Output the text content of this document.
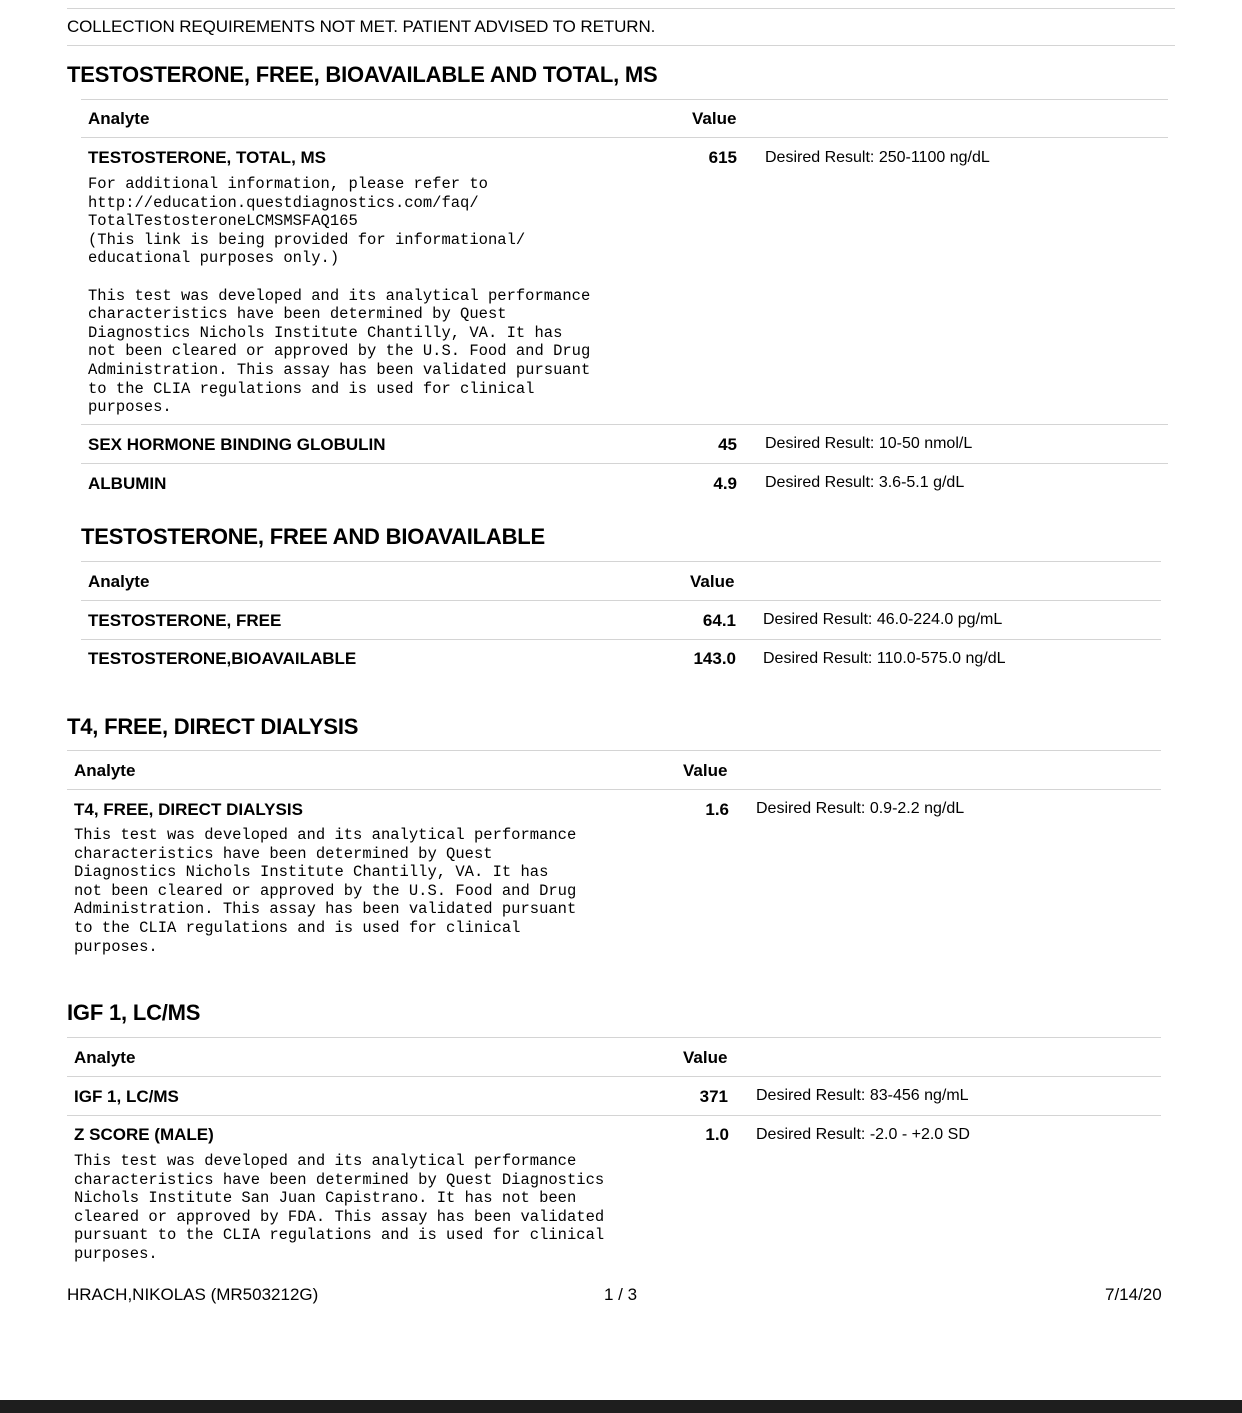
COLLECTION REQUIREMENTS NOT MET. PATIENT ADVISED TO RETURN.
TESTOSTERONE, FREE, BIOAVAILABLE AND TOTAL, MS
Analyte	Value
TESTOSTERONE, TOTAL, MS	615 Desired Result: 250-1100 ng/dL
For additional information, please refer to
http://education.questdiagnostics.com/faq/
TotalTestosteroneLCMSMSFAQ165
(This link is being provided for informational/
educational purposes only.)

This test was developed and its analytical performance
characteristics have been determined by Quest
Diagnostics Nichols Institute Chantilly, VA. It has
not been cleared or approved by the U.S. Food and Drug
Administration. This assay has been validated pursuant
to the CLIA regulations and is used for clinical
purposes.
SEX HORMONE BINDING GLOBULIN	45 Desired Result: 10-50 nmol/L
ALBUMIN	4.9 Desired Result: 3.6-5.1 g/dL
TESTOSTERONE, FREE AND BIOAVAILABLE
Analyte	Value
TESTOSTERONE, FREE	64.1 Desired Result: 46.0-224.0 pg/mL
TESTOSTERONE,BIOAVAILABLE	143.0 Desired Result: 110.0-575.0 ng/dL
T4, FREE, DIRECT DIALYSIS
Analyte	Value
T4, FREE, DIRECT DIALYSIS	1.6 Desired Result: 0.9-2.2 ng/dL
This test was developed and its analytical performance
characteristics have been determined by Quest
Diagnostics Nichols Institute Chantilly, VA. It has
not been cleared or approved by the U.S. Food and Drug
Administration. This assay has been validated pursuant
to the CLIA regulations and is used for clinical
purposes.
IGF 1, LC/MS
Analyte	Value
IGF 1, LC/MS	371 Desired Result: 83-456 ng/mL
Z SCORE (MALE)	1.0 Desired Result: -2.0 - +2.0 SD
This test was developed and its analytical performance
characteristics have been determined by Quest Diagnostics
Nichols Institute San Juan Capistrano. It has not been
cleared or approved by FDA. This assay has been validated
pursuant to the CLIA regulations and is used for clinical
purposes.
HRACH,NIKOLAS (MR503212G)	1 / 3	7/14/20
